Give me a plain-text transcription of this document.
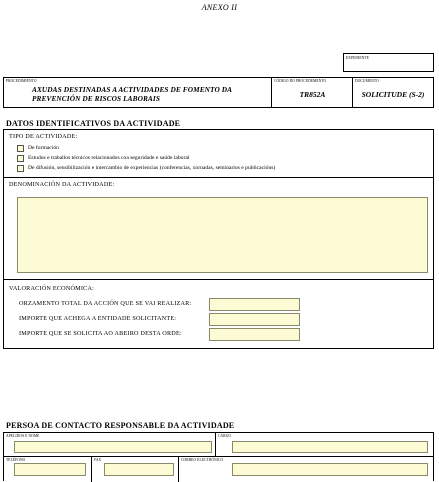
ANEXO II
EXPEDIENTE
PROCEDIMIENTO
AXUDAS DESTINADAS A ACTIVIDADES DE FOMENTO DA PREVENCIÓN DE RISCOS LABORAIS
CÓDIGO DO PROCEDEMENTO
TR852A
DOCUMENTO
SOLICITUDE (S-2)
DATOS IDENTIFICATIVOS DA ACTIVIDADE
TIPO DE ACTIVIDADE:
De formación
Estudos e traballos técnicos relacionados coa seguridade e saúde laboral
De difusión, sensibilización e intercambio de experiencias (conferencias, xornadas, seminarios e publicacións)
DENOMINACIÓN DA ACTIVIDADE:
VALORACIÓN ECONÓMICA:
ORZAMENTO TOTAL DA ACCIÓN QUE SE VAI REALIZAR:
IMPORTE QUE ACHEGA A ENTIDADE SOLICITANTE:
IMPORTE QUE SE SOLICITA AO ABEIRO DESTA ORDE:
PERSOA DE CONTACTO RESPONSABLE DA ACTIVIDADE
APELIDOS E NOME	CARGO
TELÉFONO	FAX	CORREO ELECTRÓNICO
